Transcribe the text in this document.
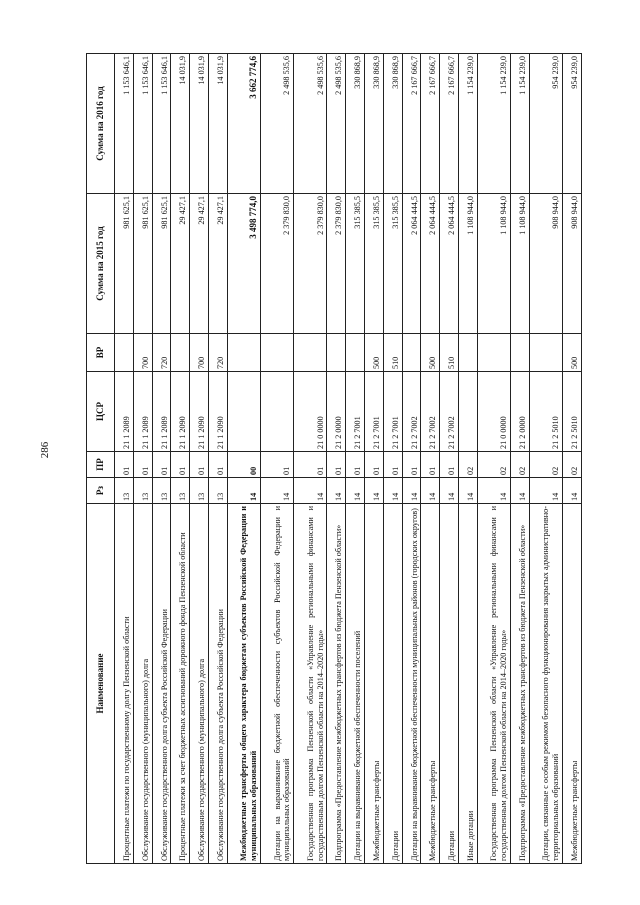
286
Наименование	Рз	ПР	ЦСР	ВР	Сумма на 2015 год	Сумма на 2016 год
Процентные платежи по государственному долгу Пензенской области	13	01	21 1 2089		981 625,1	1 153 646,1
Обслуживание государственного (муниципального) долга	13	01	21 1 2089	700	981 625,1	1 153 646,1
Обслуживание государственного долга субъекта Российской Федерации	13	01	21 1 2089	720	981 625,1	1 153 646,1
Процентные платежи за счет бюджетных ассигнований дорожного фонда Пензенской области	13	01	21 1 2090		29 427,1	14 031,9
Обслуживание государственного (муниципального) долга	13	01	21 1 2090	700	29 427,1	14 031,9
Обслуживание государственного долга субъекта Российской Федерации	13	01	21 1 2090	720	29 427,1	14 031,9
Межбюджетные трансферты общего характера бюджетам субъектов Российской Федерации и муниципальных образований	14	00			3 498 774,0	3 662 774,6
Дотации на выравнивание бюджетной обеспеченности субъектов Российской Федерации и муниципальных образований	14	01			2 379 830,0	2 498 535,6
Государственная программа Пензенской области «Управление региональными финансами и государственным долгом Пензенской области на 2014–2020 годы»	14	01	21 0 0000		2 379 830,0	2 498 535,6
Подпрограмма «Предоставление межбюджетных трансфертов из бюджета Пензенской области»	14	01	21 2 0000		2 379 830,0	2 498 535,6
Дотации на выравнивание бюджетной обеспеченности поселений	14	01	21 2 7001		315 385,5	330 868,9
Межбюджетные трансферты	14	01	21 2 7001	500	315 385,5	330 868,9
Дотации	14	01	21 2 7001	510	315 385,5	330 868,9
Дотации на выравнивание бюджетной обеспеченности муниципальных районов (городских округов)	14	01	21 2 7002		2 064 444,5	2 167 666,7
Межбюджетные трансферты	14	01	21 2 7002	500	2 064 444,5	2 167 666,7
Дотации	14	01	21 2 7002	510	2 064 444,5	2 167 666,7
Иные дотации	14	02			1 108 944,0	1 154 239,0
Государственная программа Пензенской области «Управление региональными финансами и государственным долгом Пензенской области на 2014–2020 годы»	14	02	21 0 0000		1 108 944,0	1 154 239,0
Подпрограмма «Предоставление межбюджетных трансфертов из бюджета Пензенской области»	14	02	21 2 0000		1 108 944,0	1 154 239,0
Дотации, связанные с особым режимом безопасного функционирования закрытых административно-территориальных образований	14	02	21 2 5010		908 944,0	954 239,0
Межбюджетные трансферты	14	02	21 2 5010	500	908 944,0	954 239,0
